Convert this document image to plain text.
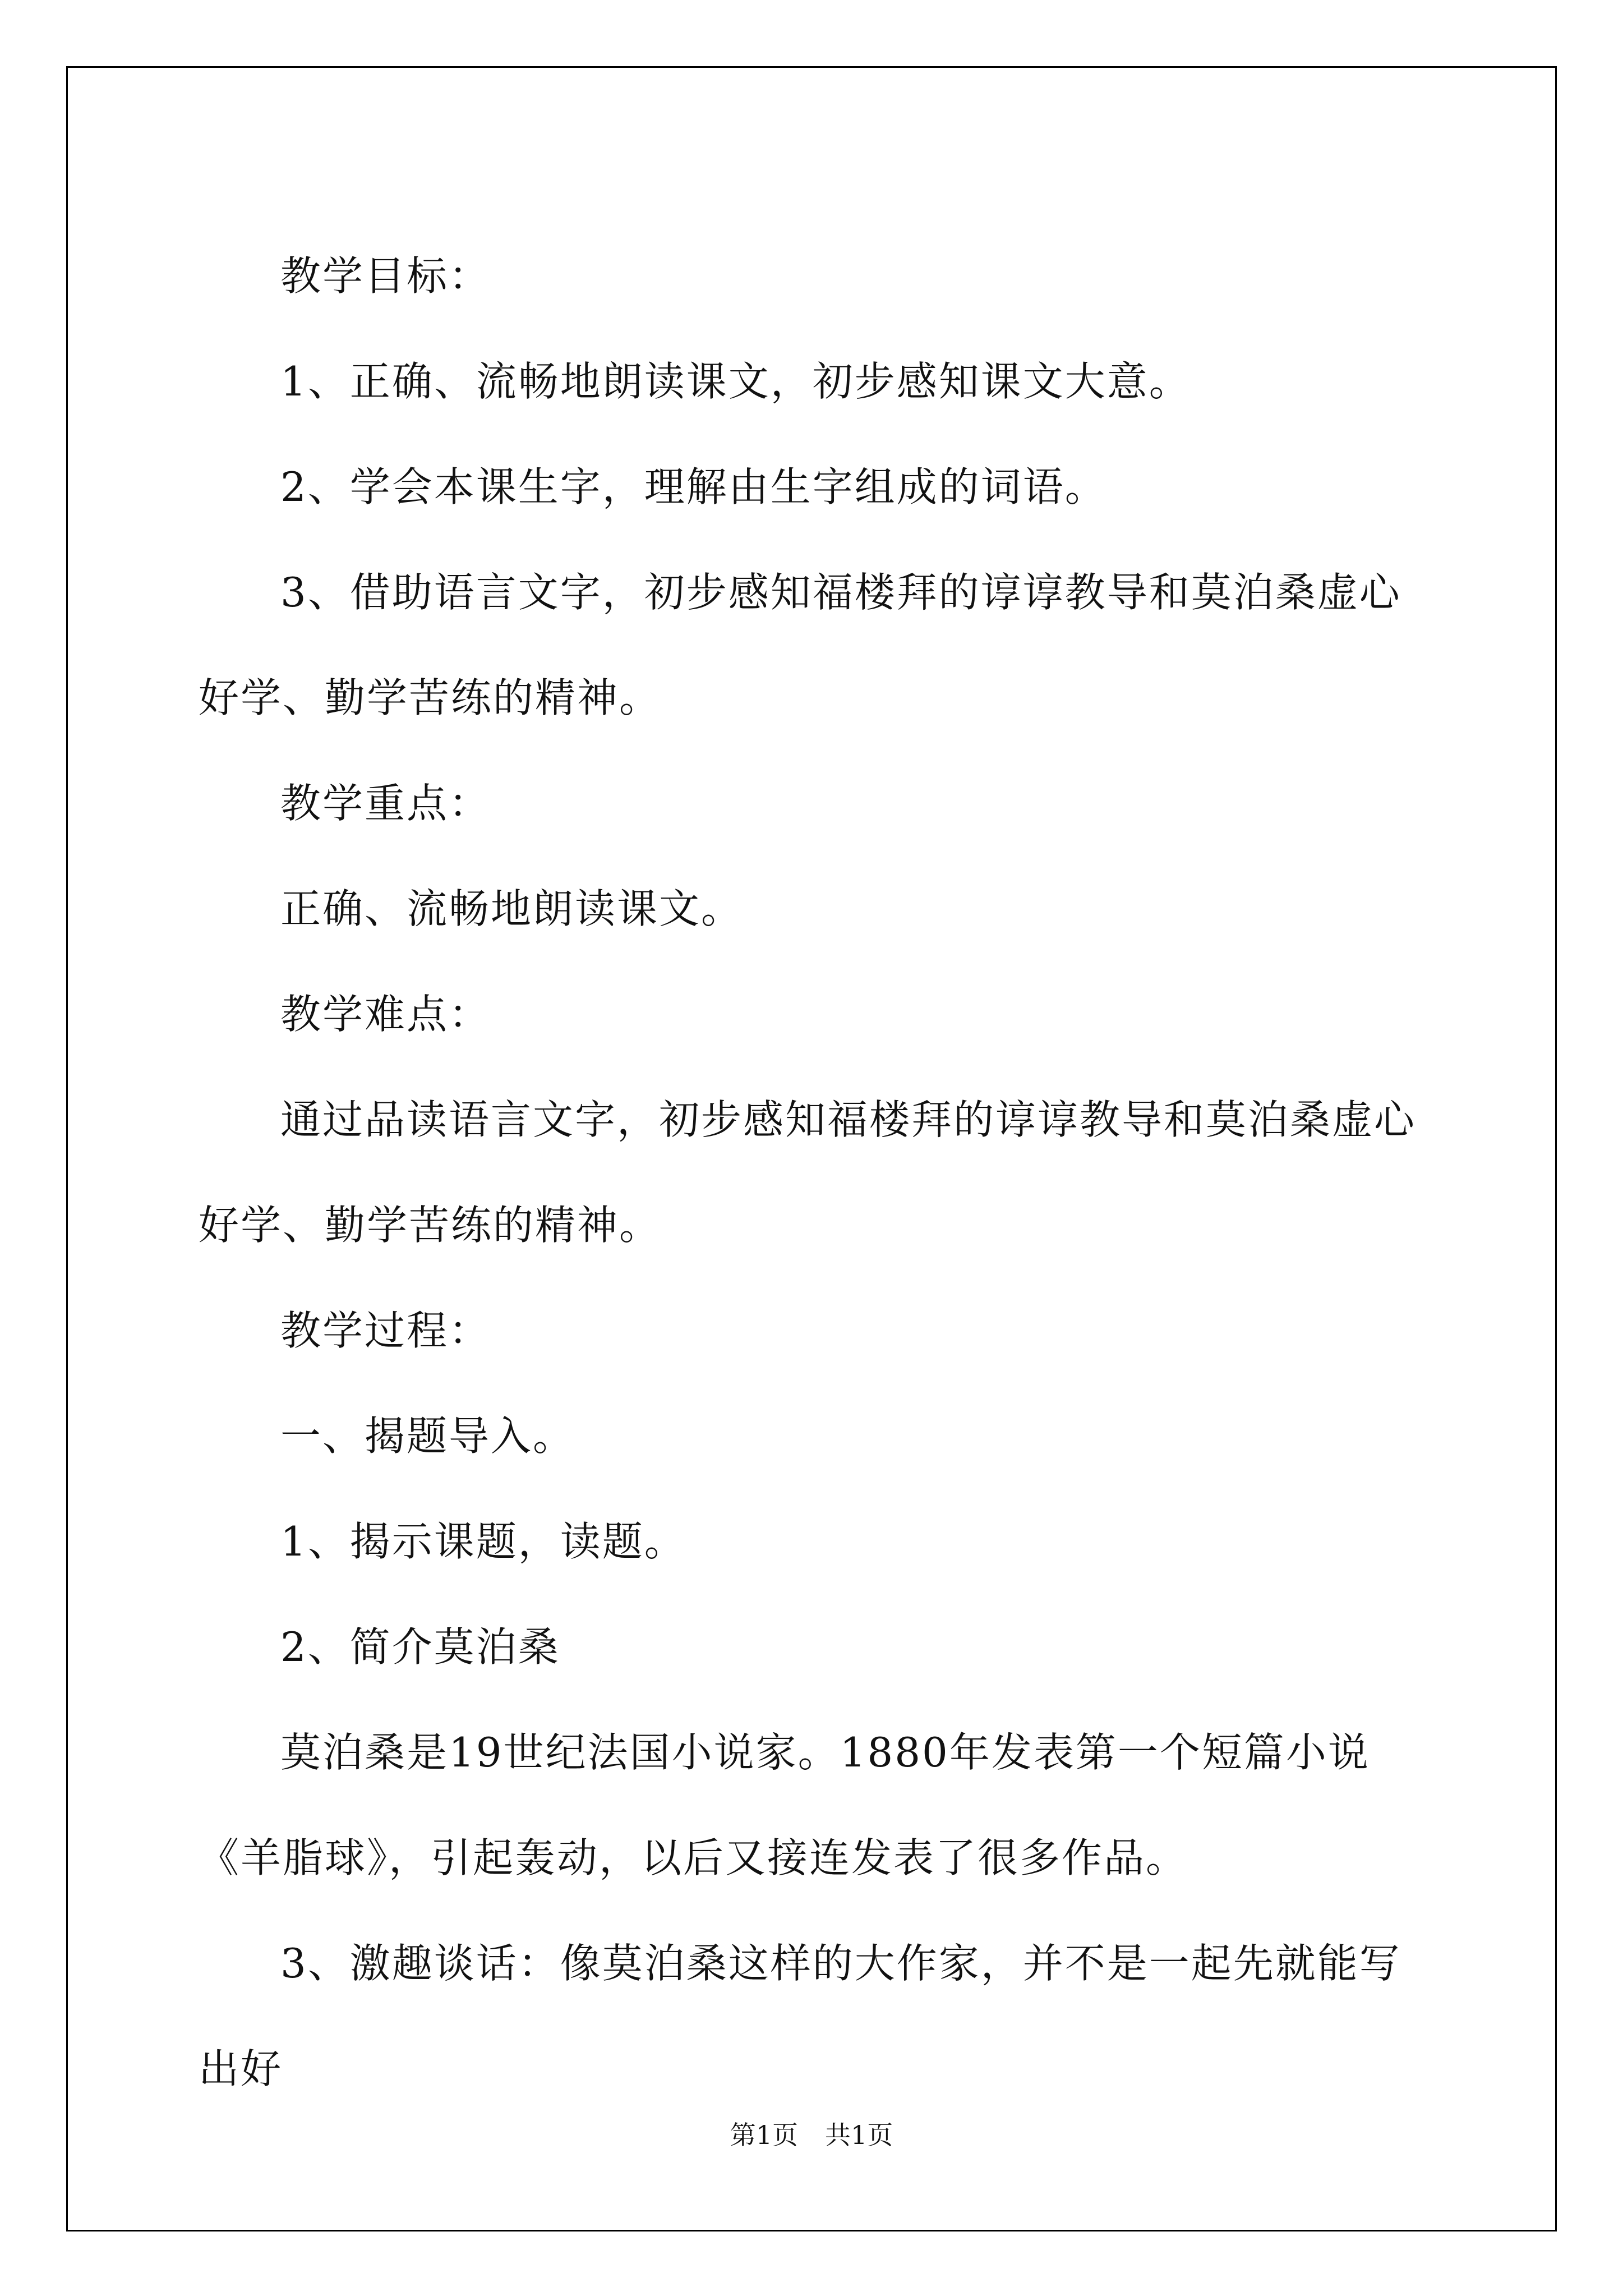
教学目标：

1、正确、流畅地朗读课文，初步感知课文大意。

2、学会本课生字，理解由生字组成的词语。

3、借助语言文字，初步感知福楼拜的谆谆教导和莫泊桑虚心好学、勤学苦练的精神。

教学重点：

正确、流畅地朗读课文。

教学难点：

通过品读语言文字，初步感知福楼拜的谆谆教导和莫泊桑虚心好学、勤学苦练的精神。

教学过程：

一、揭题导入。

1、揭示课题，读题。

2、简介莫泊桑

莫泊桑是19世纪法国小说家。1880年发表第一个短篇小说《羊脂球》，引起轰动，以后又接连发表了很多作品。

3、激趣谈话：像莫泊桑这样的大作家，并不是一起先就能写出好

第1页 共1页
